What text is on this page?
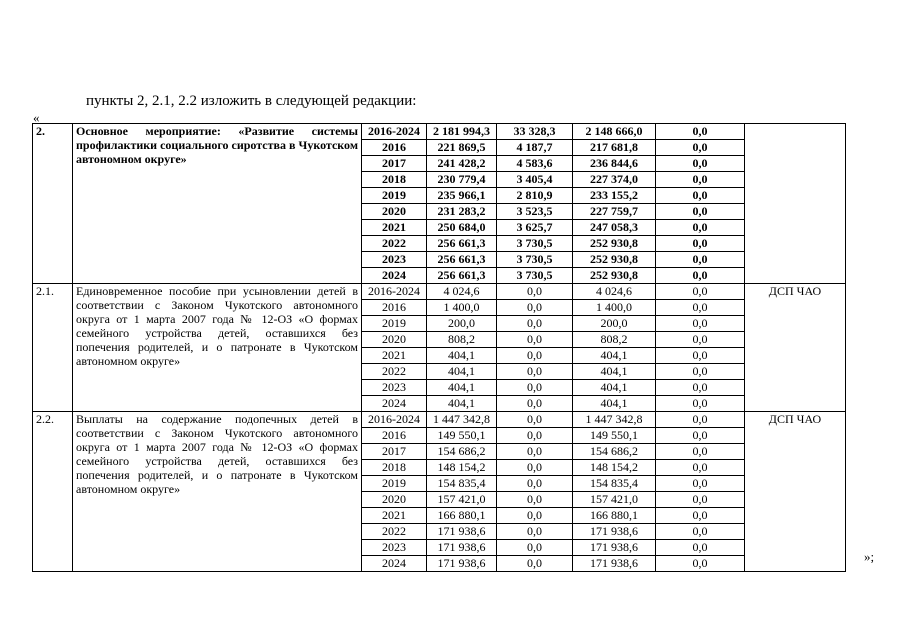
пункты 2, 2.1, 2.2 изложить в следующей редакции:
«
2.	Основное мероприятие: «Развитие системы профилактики социального сиротства в Чукотском автономном округе»	2016-2024	2 181 994,3	33 328,3	2 148 666,0	0,0	
		2016	221 869,5	4 187,7	217 681,8	0,0	
		2017	241 428,2	4 583,6	236 844,6	0,0	
		2018	230 779,4	3 405,4	227 374,0	0,0	
		2019	235 966,1	2 810,9	233 155,2	0,0	
		2020	231 283,2	3 523,5	227 759,7	0,0	
		2021	250 684,0	3 625,7	247 058,3	0,0	
		2022	256 661,3	3 730,5	252 930,8	0,0	
		2023	256 661,3	3 730,5	252 930,8	0,0	
		2024	256 661,3	3 730,5	252 930,8	0,0	
2.1.	Единовременное пособие при усыновлении детей в соответствии с Законом Чукотского автономного округа от 1 марта 2007 года № 12-ОЗ «О формах семейного устройства детей, оставшихся без попечения родителей, и о патронате в Чукотском автономном округе»	2016-2024	4 024,6	0,0	4 024,6	0,0	ДСП ЧАО
		2016	1 400,0	0,0	1 400,0	0,0	
		2019	200,0	0,0	200,0	0,0	
		2020	808,2	0,0	808,2	0,0	
		2021	404,1	0,0	404,1	0,0	
		2022	404,1	0,0	404,1	0,0	
		2023	404,1	0,0	404,1	0,0	
		2024	404,1	0,0	404,1	0,0	
2.2.	Выплаты на содержание подопечных детей в соответствии с Законом Чукотского автономного округа от 1 марта 2007 года № 12-ОЗ «О формах семейного устройства детей, оставшихся без попечения родителей, и о патронате в Чукотском автономном округе»	2016-2024	1 447 342,8	0,0	1 447 342,8	0,0	ДСП ЧАО
		2016	149 550,1	0,0	149 550,1	0,0	
		2017	154 686,2	0,0	154 686,2	0,0	
		2018	148 154,2	0,0	148 154,2	0,0	
		2019	154 835,4	0,0	154 835,4	0,0	
		2020	157 421,0	0,0	157 421,0	0,0	
		2021	166 880,1	0,0	166 880,1	0,0	
		2022	171 938,6	0,0	171 938,6	0,0	
		2023	171 938,6	0,0	171 938,6	0,0	
		2024	171 938,6	0,0	171 938,6	0,0		»;
